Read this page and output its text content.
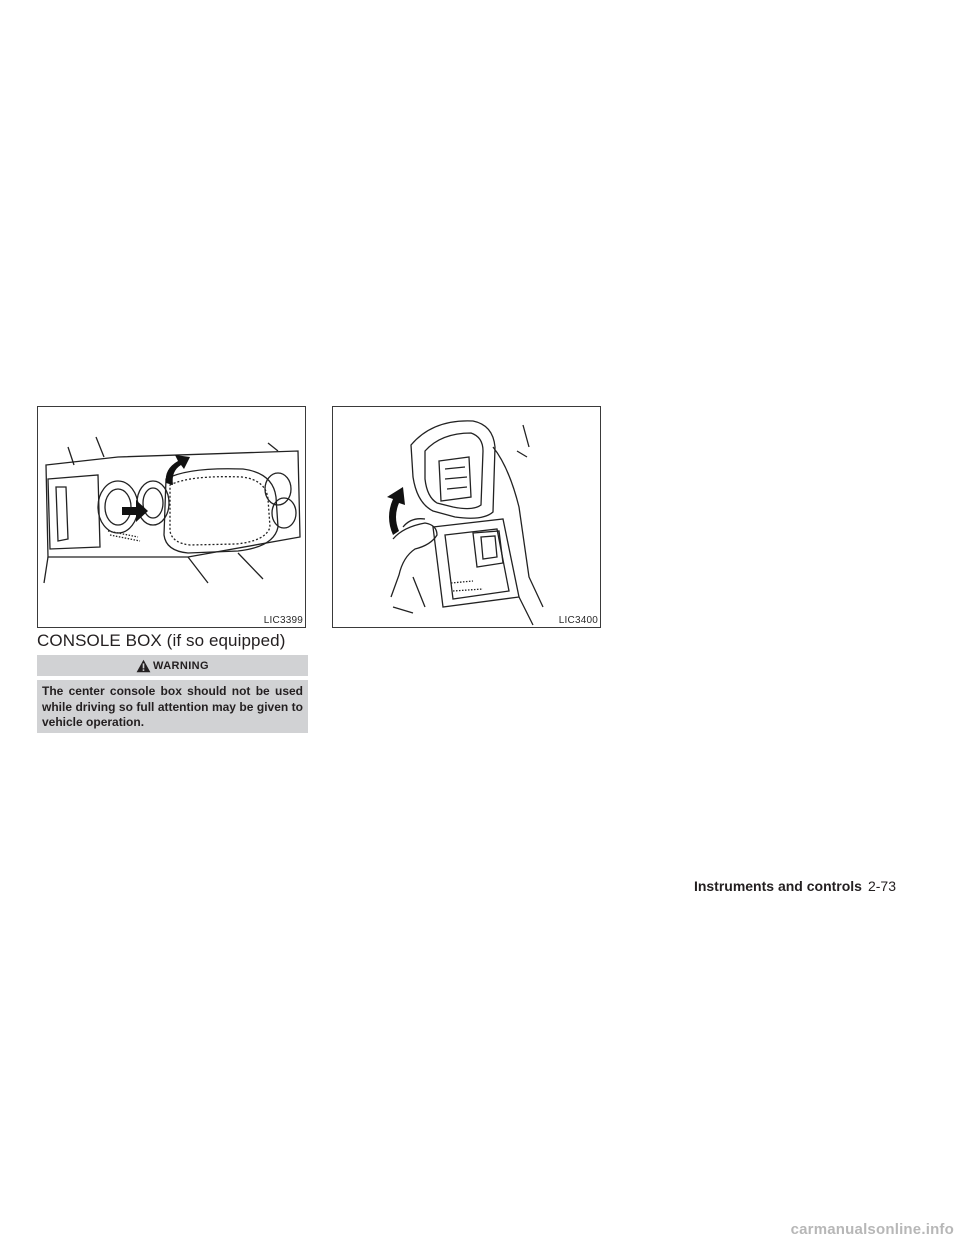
LIC3399	LIC3400
CONSOLE BOX (if so equipped)
WARNING
The center console box should not be used while driving so full attention may be given to vehicle operation.
Instruments and controls 2-73
carmanualsonline.info
